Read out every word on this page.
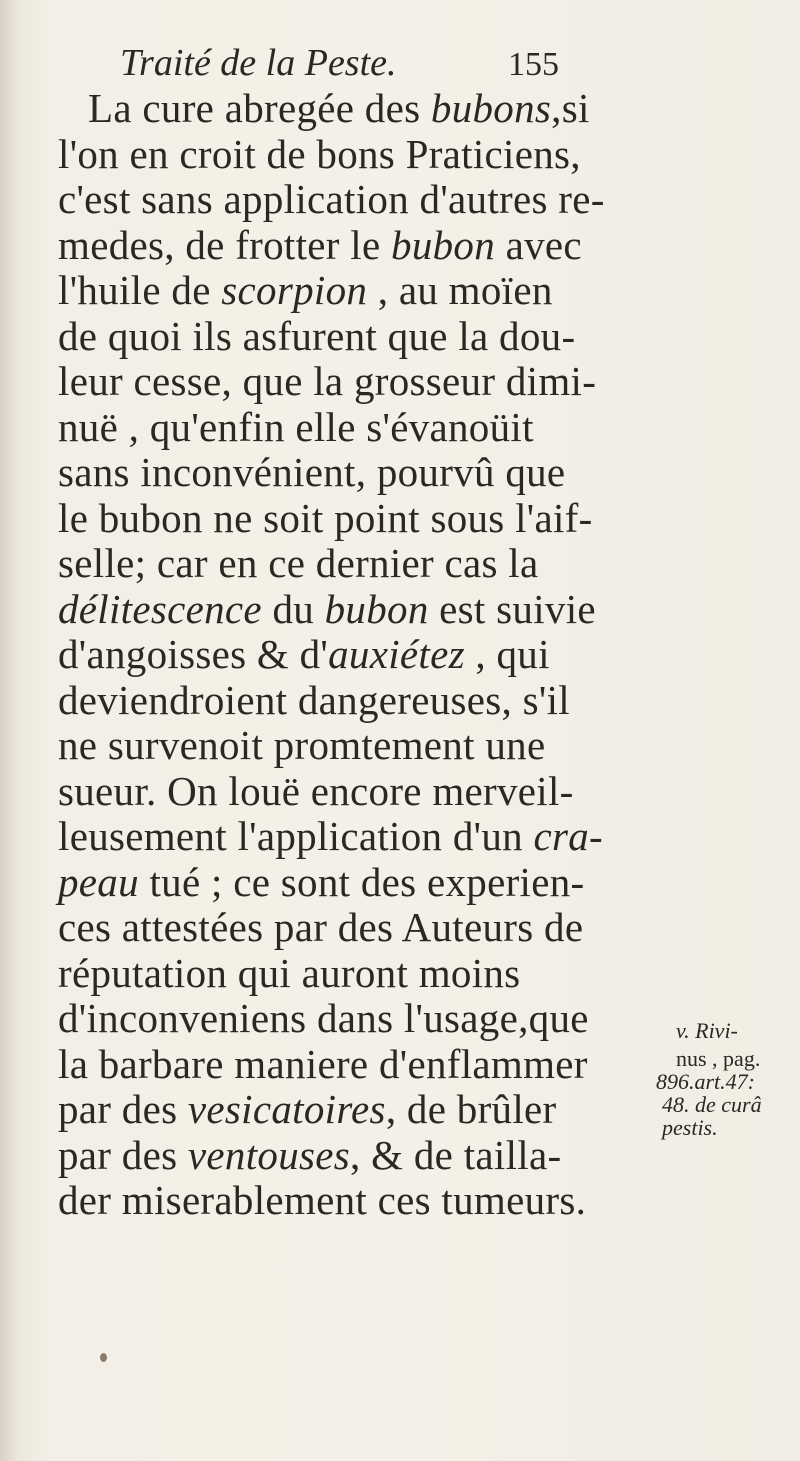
Traité de la Peste.	155
La cure abregée des bubons,si
l'on en croit de bons Praticiens,
c'est sans application d'autres re-
medes, de frotter le bubon avec
l'huile de scorpion , au moïen
de quoi ils asfurent que la dou-
leur cesse, que la grosseur dimi-
nuë , qu'enfin elle s'évanoüit
sans inconvénient, pourvû que
le bubon ne soit point sous l'aif-
selle; car en ce dernier cas la
délitescence du bubon est suivie
d'angoisses & d'auxiétez , qui
deviendroient dangereuses, s'il
ne survenoit promtement une
sueur. On louë encore merveil-
leusement l'application d'un cra-
peau tué ; ce sont des experien-
ces attestées par des Auteurs de
réputation qui auront moins
d'inconveniens dans l'usage,que
la barbare maniere d'enflammer
par des vesicatoires, de brûler
par des ventouses, & de tailla-
der miserablement ces tumeurs.
v. Rivi-
nus , pag.
896.art.47:
48. de curâ
pestis.
